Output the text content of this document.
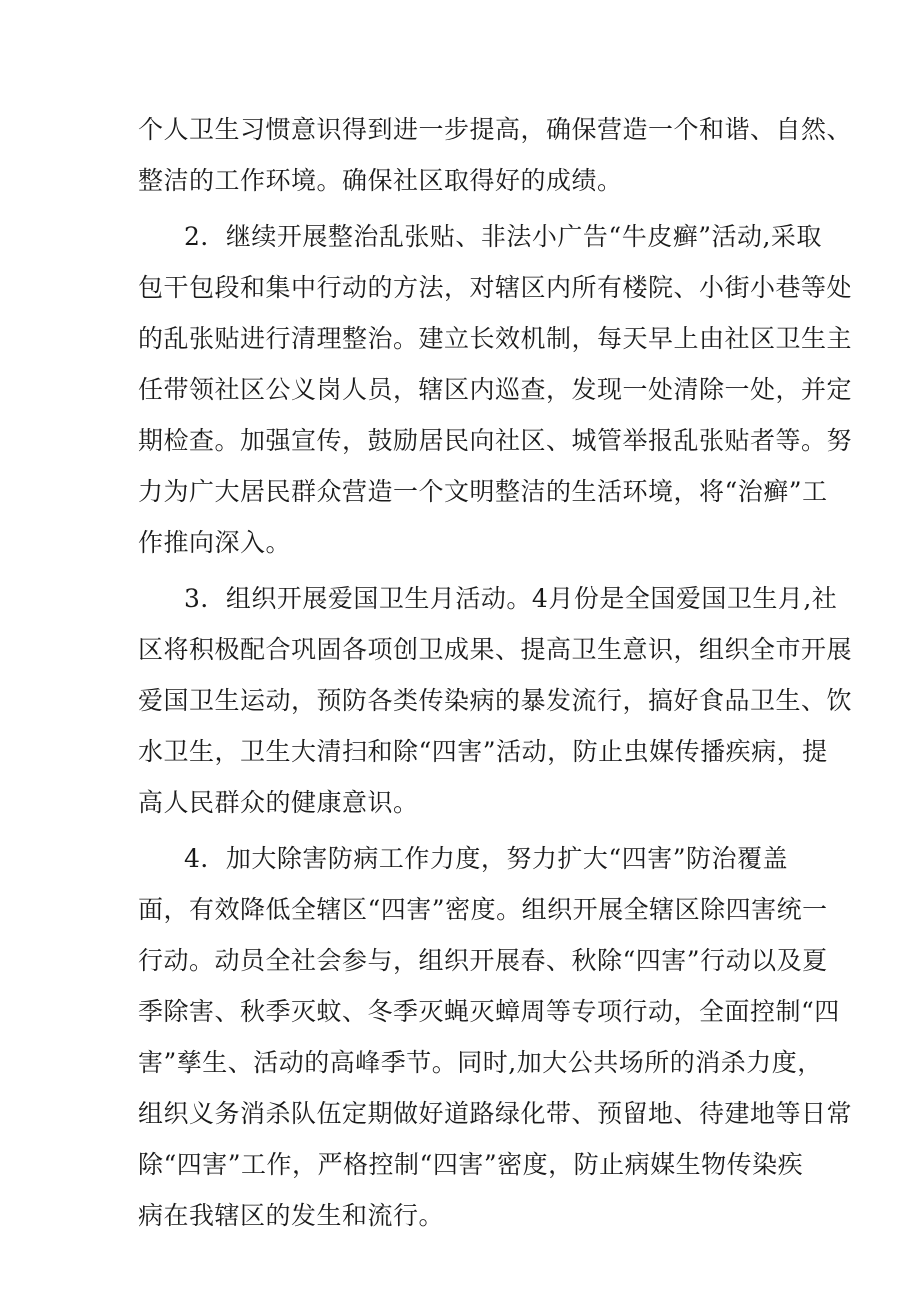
个人卫生习惯意识得到进一步提高，确保营造一个和谐、自然、
整洁的工作环境。确保社区取得好的成绩。
2．继续开展整治乱张贴、非法小广告“牛皮癣”活动,采取
包干包段和集中行动的方法，对辖区内所有楼院、小街小巷等处
的乱张贴进行清理整治。建立长效机制，每天早上由社区卫生主
任带领社区公义岗人员，辖区内巡查，发现一处清除一处，并定
期检查。加强宣传，鼓励居民向社区、城管举报乱张贴者等。努
力为广大居民群众营造一个文明整洁的生活环境，将“治癣”工
作推向深入。
3．组织开展爱国卫生月活动。4月份是全国爱国卫生月,社
区将积极配合巩固各项创卫成果、提高卫生意识，组织全市开展
爱国卫生运动，预防各类传染病的暴发流行，搞好食品卫生、饮
水卫生，卫生大清扫和除“四害”活动，防止虫媒传播疾病，提
高人民群众的健康意识。
4．加大除害防病工作力度，努力扩大“四害”防治覆盖
面，有效降低全辖区“四害”密度。组织开展全辖区除四害统一
行动。动员全社会参与，组织开展春、秋除“四害”行动以及夏
季除害、秋季灭蚊、冬季灭蝇灭蟑周等专项行动，全面控制“四
害”孳生、活动的高峰季节。同时,加大公共场所的消杀力度，
组织义务消杀队伍定期做好道路绿化带、预留地、待建地等日常
除“四害”工作，严格控制“四害”密度，防止病媒生物传染疾
病在我辖区的发生和流行。
